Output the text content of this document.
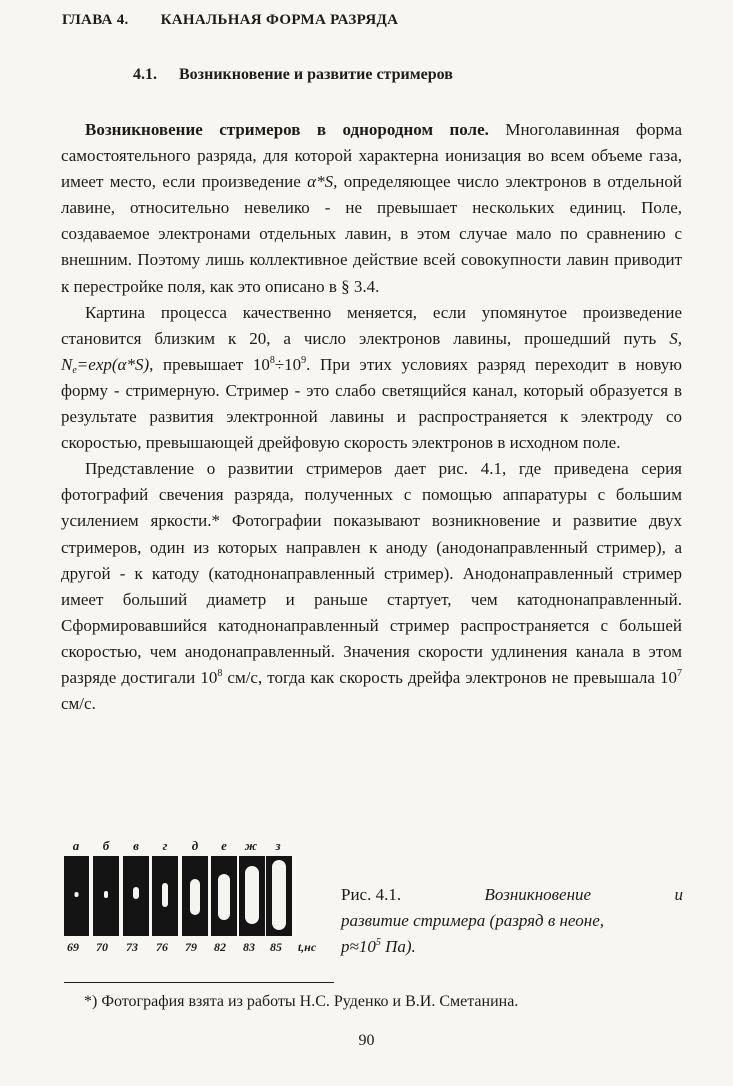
ГЛАВА 4. КАНАЛЬНАЯ ФОРМА РАЗРЯДА
4.1. Возникновение и развитие стримеров

Возникновение стримеров в однородном поле. Многолавинная форма самостоятельного разряда, для которой характерна ионизация во всем объеме газа, имеет место, если произведение α*S, определяющее число электронов в отдельной лавине, относительно невелико - не превышает нескольких единиц. Поле, создаваемое электронами отдельных лавин, в этом случае мало по сравнению с внешним. Поэтому лишь коллективное действие всей совокупности лавин приводит к перестройке поля, как это описано в § 3.4.

Картина процесса качественно меняется, если упомянутое произведение становится близким к 20, а число электронов лавины, прошедший путь S, $N_e=\exp(\alpha*S)$, превышает $10^8\div 10^9$. При этих условиях разряд переходит в новую форму - стримерную. Стример - это слабо светящийся канал, который образуется в результате развития электронной лавины и распространяется к электроду со скоростью, превышающей дрейфовую скорость электронов в исходном поле.

Представление о развитии стримеров дает рис. 4.1, где приведена серия фотографий свечения разряда, полученных с помощью аппаратуры с большим усилением яркости.* Фотографии показывают возникновение и развитие двух стримеров, один из которых направлен к аноду (анодонаправленный стример), а другой - к катоду (катоднонаправленный стример). Анодонаправленный стример имеет больший диаметр и раньше стартует, чем катоднонаправленный. Сформировавшийся катоднонаправленный стример распространяется с большей скоростью, чем анодонаправленный. Значения скорости удлинения канала в этом разряде достигали $10^8$ см/с, тогда как скорость дрейфа электронов не превышала $10^7$ см/с.

а б в г д е ж з
69 70 73 76 79 82 83 85 t,нс
Рис. 4.1.	Возникновение	и
развитие стримера (разряд в неоне,
$p\approx 10^5$ Па).
*) Фотография взята из работы Н.С. Руденко и В.И. Сметанина.
90
